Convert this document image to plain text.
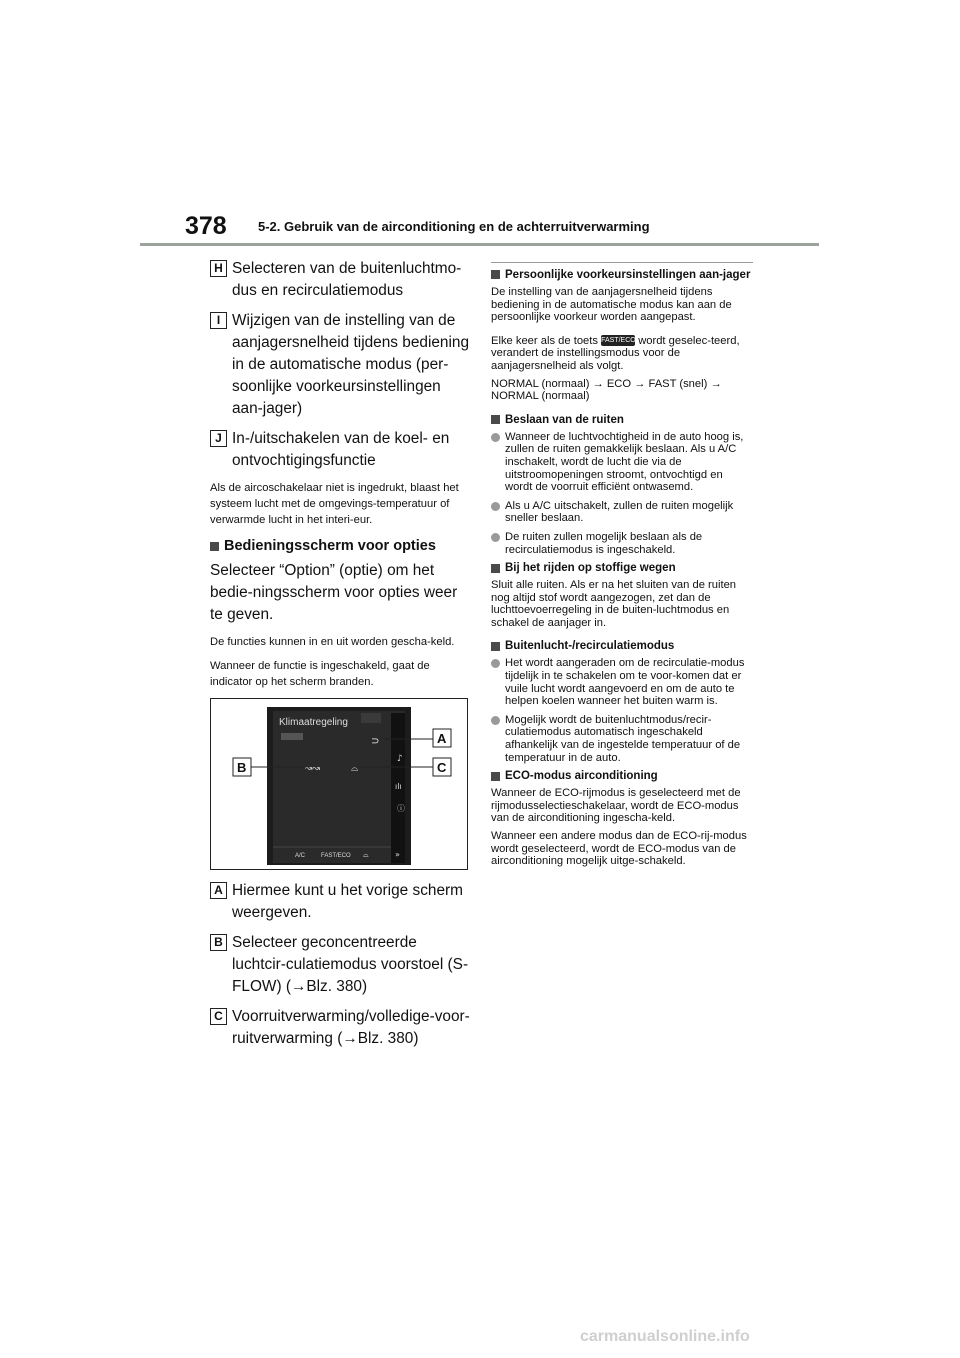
378 5-2. Gebruik van de airconditioning en de achterruitverwarming
H Selecteren van de buitenluchtmo-dus en recirculatiemodus
I Wijzigen van de instelling van de aanjagersnelheid tijdens bediening in de automatische modus (per-soonlijke voorkeursinstellingen aan-jager)
J In-/uitschakelen van de koel- en ontvochtigingsfunctie

Als de aircoschakelaar niet is ingedrukt, blaast het systeem lucht met de omgevings-temperatuur of verwarmde lucht in het interi-eur.

Bedieningsscherm voor opties

Selecteer “Option” (optie) om het bedie-ningsscherm voor opties weer te geven.

De functies kunnen in en uit worden gescha-keld.

Wanneer de functie is ingeschakeld, gaat de indicator op het scherm branden.

Klimaatregeling
⊃
♪
ılı
ⓘ
»
↝↝	⌓
A/C	FAST/ECO ⌓
A
B	C
A Hiermee kunt u het vorige scherm weergeven.
B Selecteer geconcentreerde luchtcir-culatiemodus voorstoel (S-FLOW) (→Blz. 380)
C Voorruitverwarming/volledige-voor-ruitverwarming (→Blz. 380)
Persoonlijke voorkeursinstellingen aan-jager

De instelling van de aanjagersnelheid tijdens bediening in de automatische modus kan aan de persoonlijke voorkeur worden aangepast.

Elke keer als de toets FAST/ECO wordt geselec-teerd, verandert de instellingsmodus voor de aanjagersnelheid als volgt.

NORMAL (normaal) → ECO → FAST (snel) → NORMAL (normaal)

Beslaan van de ruiten
Wanneer de luchtvochtigheid in de auto hoog is, zullen de ruiten gemakkelijk beslaan. Als u A/C inschakelt, wordt de lucht die via de uitstroomopeningen stroomt, ontvochtigd en wordt de voorruit efficiënt ontwasemd.
Als u A/C uitschakelt, zullen de ruiten mogelijk sneller beslaan.
De ruiten zullen mogelijk beslaan als de recirculatiemodus is ingeschakeld.
Bij het rijden op stoffige wegen

Sluit alle ruiten. Als er na het sluiten van de ruiten nog altijd stof wordt aangezogen, zet dan de luchttoevoerregeling in de buiten-luchtmodus en schakel de aanjager in.

Buitenlucht-/recirculatiemodus
Het wordt aangeraden om de recirculatie-modus tijdelijk in te schakelen om te voor-komen dat er vuile lucht wordt aangevoerd en om de auto te helpen koelen wanneer het buiten warm is.
Mogelijk wordt de buitenluchtmodus/recir-culatiemodus automatisch ingeschakeld afhankelijk van de ingestelde temperatuur of de temperatuur in de auto.
ECO-modus airconditioning

Wanneer de ECO-rijmodus is geselecteerd met de rijmodusselectieschakelaar, wordt de ECO-modus van de airconditioning ingescha-keld.

Wanneer een andere modus dan de ECO-rij-modus wordt geselecteerd, wordt de ECO-modus van de airconditioning mogelijk uitge-schakeld.

carmanualsonline.info
